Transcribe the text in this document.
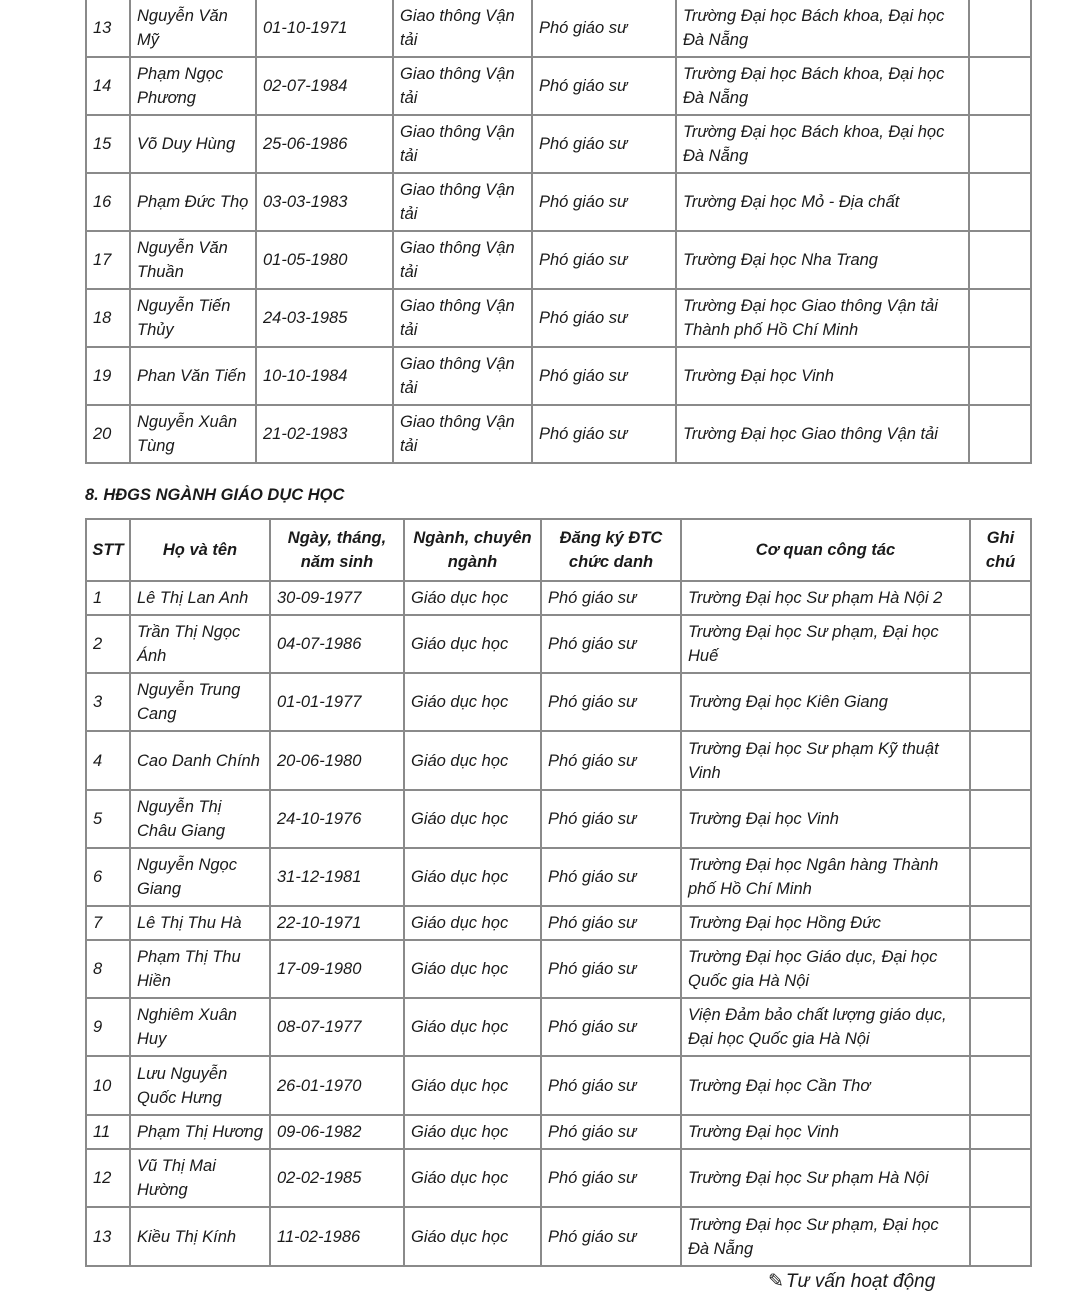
13	Nguyễn Văn Mỹ	01-10-1971	Giao thông Vận tải	Phó giáo sư	Trường Đại học Bách khoa, Đại học Đà Nẵng	
14	Phạm Ngọc Phương	02-07-1984	Giao thông Vận tải	Phó giáo sư	Trường Đại học Bách khoa, Đại học Đà Nẵng	
15	Võ Duy Hùng	25-06-1986	Giao thông Vận tải	Phó giáo sư	Trường Đại học Bách khoa, Đại học Đà Nẵng	
16	Phạm Đức Thọ	03-03-1983	Giao thông Vận tải	Phó giáo sư	Trường Đại học Mỏ - Địa chất	
17	Nguyễn Văn Thuần	01-05-1980	Giao thông Vận tải	Phó giáo sư	Trường Đại học Nha Trang	
18	Nguyễn Tiến Thủy	24-03-1985	Giao thông Vận tải	Phó giáo sư	Trường Đại học Giao thông Vận tải Thành phố Hồ Chí Minh	
19	Phan Văn Tiến	10-10-1984	Giao thông Vận tải	Phó giáo sư	Trường Đại học Vinh	
20	Nguyễn Xuân Tùng	21-02-1983	Giao thông Vận tải	Phó giáo sư	Trường Đại học Giao thông Vận tải	
8. HĐGS NGÀNH GIÁO DỤC HỌC
STT	Họ và tên	Ngày, tháng, năm sinh	Ngành, chuyên ngành	Đăng ký ĐTC chức danh	Cơ quan công tác	Ghi chú
1	Lê Thị Lan Anh	30-09-1977	Giáo dục học	Phó giáo sư	Trường Đại học Sư phạm Hà Nội 2	
2	Trần Thị Ngọc Ánh	04-07-1986	Giáo dục học	Phó giáo sư	Trường Đại học Sư phạm, Đại học Huế	
3	Nguyễn Trung Cang	01-01-1977	Giáo dục học	Phó giáo sư	Trường Đại học Kiên Giang	
4	Cao Danh Chính	20-06-1980	Giáo dục học	Phó giáo sư	Trường Đại học Sư phạm Kỹ thuật Vinh	
5	Nguyễn Thị Châu Giang	24-10-1976	Giáo dục học	Phó giáo sư	Trường Đại học Vinh	
6	Nguyễn Ngọc Giang	31-12-1981	Giáo dục học	Phó giáo sư	Trường Đại học Ngân hàng Thành phố Hồ Chí Minh	
7	Lê Thị Thu Hà	22-10-1971	Giáo dục học	Phó giáo sư	Trường Đại học Hồng Đức	
8	Phạm Thị Thu Hiền	17-09-1980	Giáo dục học	Phó giáo sư	Trường Đại học Giáo dục, Đại học Quốc gia Hà Nội	
9	Nghiêm Xuân Huy	08-07-1977	Giáo dục học	Phó giáo sư	Viện Đảm bảo chất lượng giáo dục, Đại học Quốc gia Hà Nội	
10	Lưu Nguyễn Quốc Hưng	26-01-1970	Giáo dục học	Phó giáo sư	Trường Đại học Cần Thơ	
11	Phạm Thị Hương	09-06-1982	Giáo dục học	Phó giáo sư	Trường Đại học Vinh	
12	Vũ Thị Mai Hường	02-02-1985	Giáo dục học	Phó giáo sư	Trường Đại học Sư phạm Hà Nội	
13	Kiều Thị Kính	11-02-1986	Giáo dục học	Phó giáo sư	Trường Đại học Sư phạm, Đại học Đà Nẵng	
✎ Tư vấn hoạt động
